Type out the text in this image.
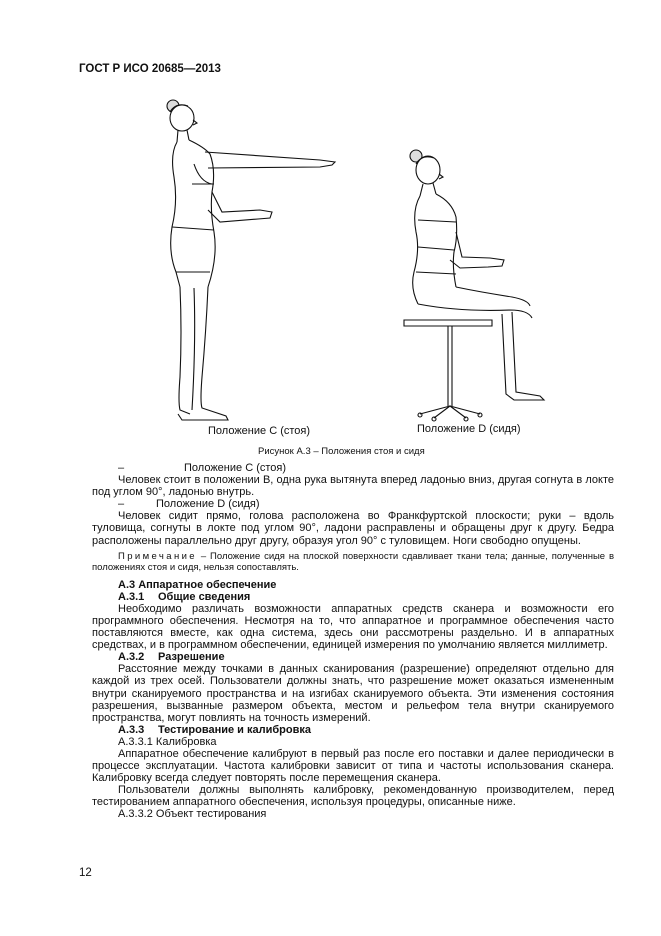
ГОСТ Р ИСО 20685—2013
Положение С (стоя)	Положение D (сидя)
Рисунок А.3 – Положения стоя и сидя

–	Положение С (стоя)

Человек стоит в положении В, одна рука вытянута вперед ладонью вниз, другая согнута в локте под углом 90°, ладонью внутрь.

–	Положение D (сидя)

Человек сидит прямо, голова расположена во Франкфуртской плоскости; руки – вдоль туловища, согнуты в локте под углом 90°, ладони расправлены и обращены друг к другу. Бедра расположены параллельно друг другу, образуя угол 90° с туловищем. Ноги свободно опущены.

Примечание – Положение сидя на плоской поверхности сдавливает ткани тела; данные, полученные в положениях стоя и сидя, нельзя сопоставлять.

А.3 Аппаратное обеспечение

А.3.1 Общие сведения

Необходимо различать возможности аппаратных средств сканера и возможности его программного обеспечения. Несмотря на то, что аппаратное и программное обеспечения часто поставляются вместе, как одна система, здесь они рассмотрены раздельно. И в аппаратных средствах, и в программном обеспечении, единицей измерения по умолчанию является миллиметр.

А.3.2 Разрешение

Расстояние между точками в данных сканирования (разрешение) определяют отдельно для каждой из трех осей. Пользователи должны знать, что разрешение может оказаться измененным внутри сканируемого пространства и на изгибах сканируемого объекта. Эти изменения состояния разрешения, вызванные размером объекта, местом и рельефом тела внутри сканируемого пространства, могут повлиять на точность измерений.

А.3.3 Тестирование и калибровка

А.3.3.1 Калибровка

Аппаратное обеспечение калибруют в первый раз после его поставки и далее периодически в процессе эксплуатации. Частота калибровки зависит от типа и частоты использования сканера. Калибровку всегда следует повторять после перемещения сканера.

Пользователи должны выполнять калибровку, рекомендованную производителем, перед тестированием аппаратного обеспечения, используя процедуры, описанные ниже.

А.3.3.2 Объект тестирования

12
